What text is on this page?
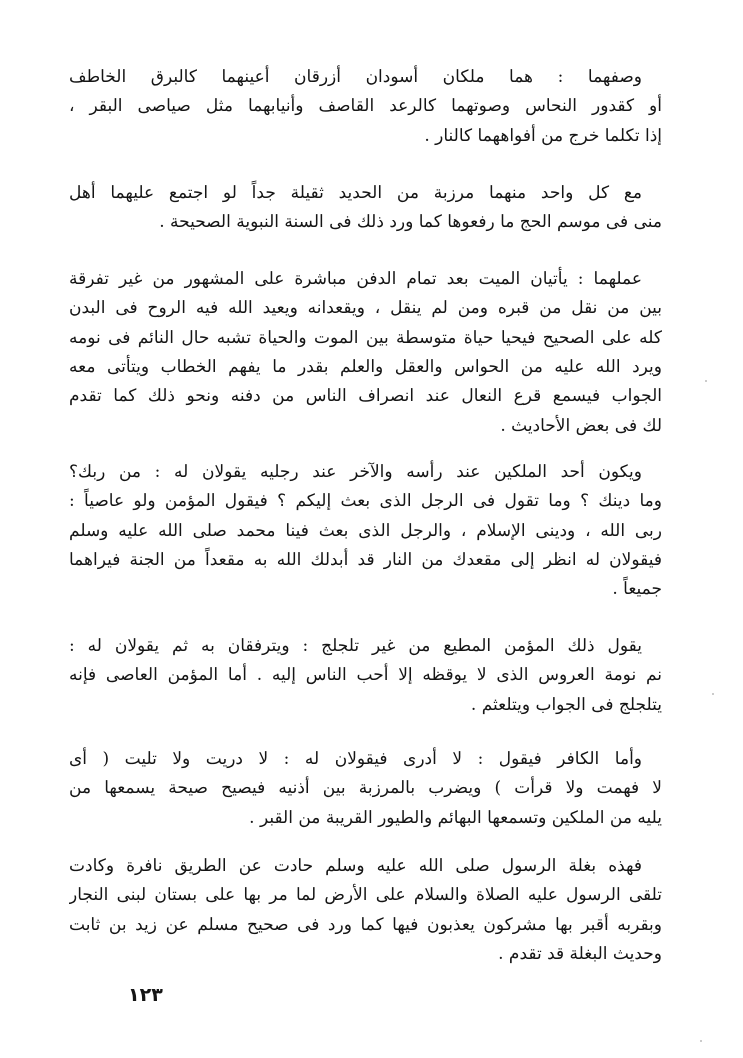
وصفهما : هما ملكان أسودان أزرقان أعينهما كالبرق الخاطف
أو كقدور النحاس وصوتهما كالرعد القاصف وأنيابهما مثل صياصى البقر ،
إذا تكلما خرج من أفواههما كالنار .
مع كل واحد منهما مرزبة من الحديد ثقيلة جداً لو اجتمع عليهما أهل
منى فى موسم الحج ما رفعوها كما ورد ذلك فى السنة النبوية الصحيحة .
عملهما : يأتيان الميت بعد تمام الدفن مباشرة على المشهور من غير تفرقة
بين من نقل من قبره ومن لم ينقل ، ويقعدانه ويعيد الله فيه الروح فى البدن
كله على الصحيح فيحيا حياة متوسطة بين الموت والحياة تشبه حال النائم فى نومه
ويرد الله عليه من الحواس والعقل والعلم بقدر ما يفهم الخطاب ويتأتى معه
الجواب فيسمع قرع النعال عند انصراف الناس من دفنه ونحو ذلك كما تقدم
لك فى بعض الأحاديث .
ويكون أحد الملكين عند رأسه والآخر عند رجليه يقولان له : من ربك؟
وما دينك ؟ وما تقول فى الرجل الذى بعث إليكم ؟ فيقول المؤمن ولو عاصياً :
ربى الله ، ودينى الإسلام ، والرجل الذى بعث فينا محمد صلى الله عليه وسلم
فيقولان له انظر إلى مقعدك من النار قد أبدلك الله به مقعداً من الجنة فيراهما
جميعاً .
يقول ذلك المؤمن المطيع من غير تلجلج : ويترفقان به ثم يقولان له :
نم نومة العروس الذى لا يوقظه إلا أحب الناس إليه . أما المؤمن العاصى فإنه
يتلجلج فى الجواب ويتلعثم .
وأما الكافر فيقول : لا أدرى فيقولان له : لا دريت ولا تليت ( أى
لا فهمت ولا قرأت ) ويضرب بالمرزبة بين أذنيه فيصيح صيحة يسمعها من
يليه من الملكين وتسمعها البهائم والطيور القريبة من القبر .
فهذه بغلة الرسول صلى الله عليه وسلم حادت عن الطريق نافرة وكادت
تلقى الرسول عليه الصلاة والسلام على الأرض لما مر بها على بستان لبنى النجار
وبقربه أقبر بها مشركون يعذبون فيها كما ورد فى صحيح مسلم عن زيد بن ثابت
وحديث البغلة قد تقدم .
١٢٣
